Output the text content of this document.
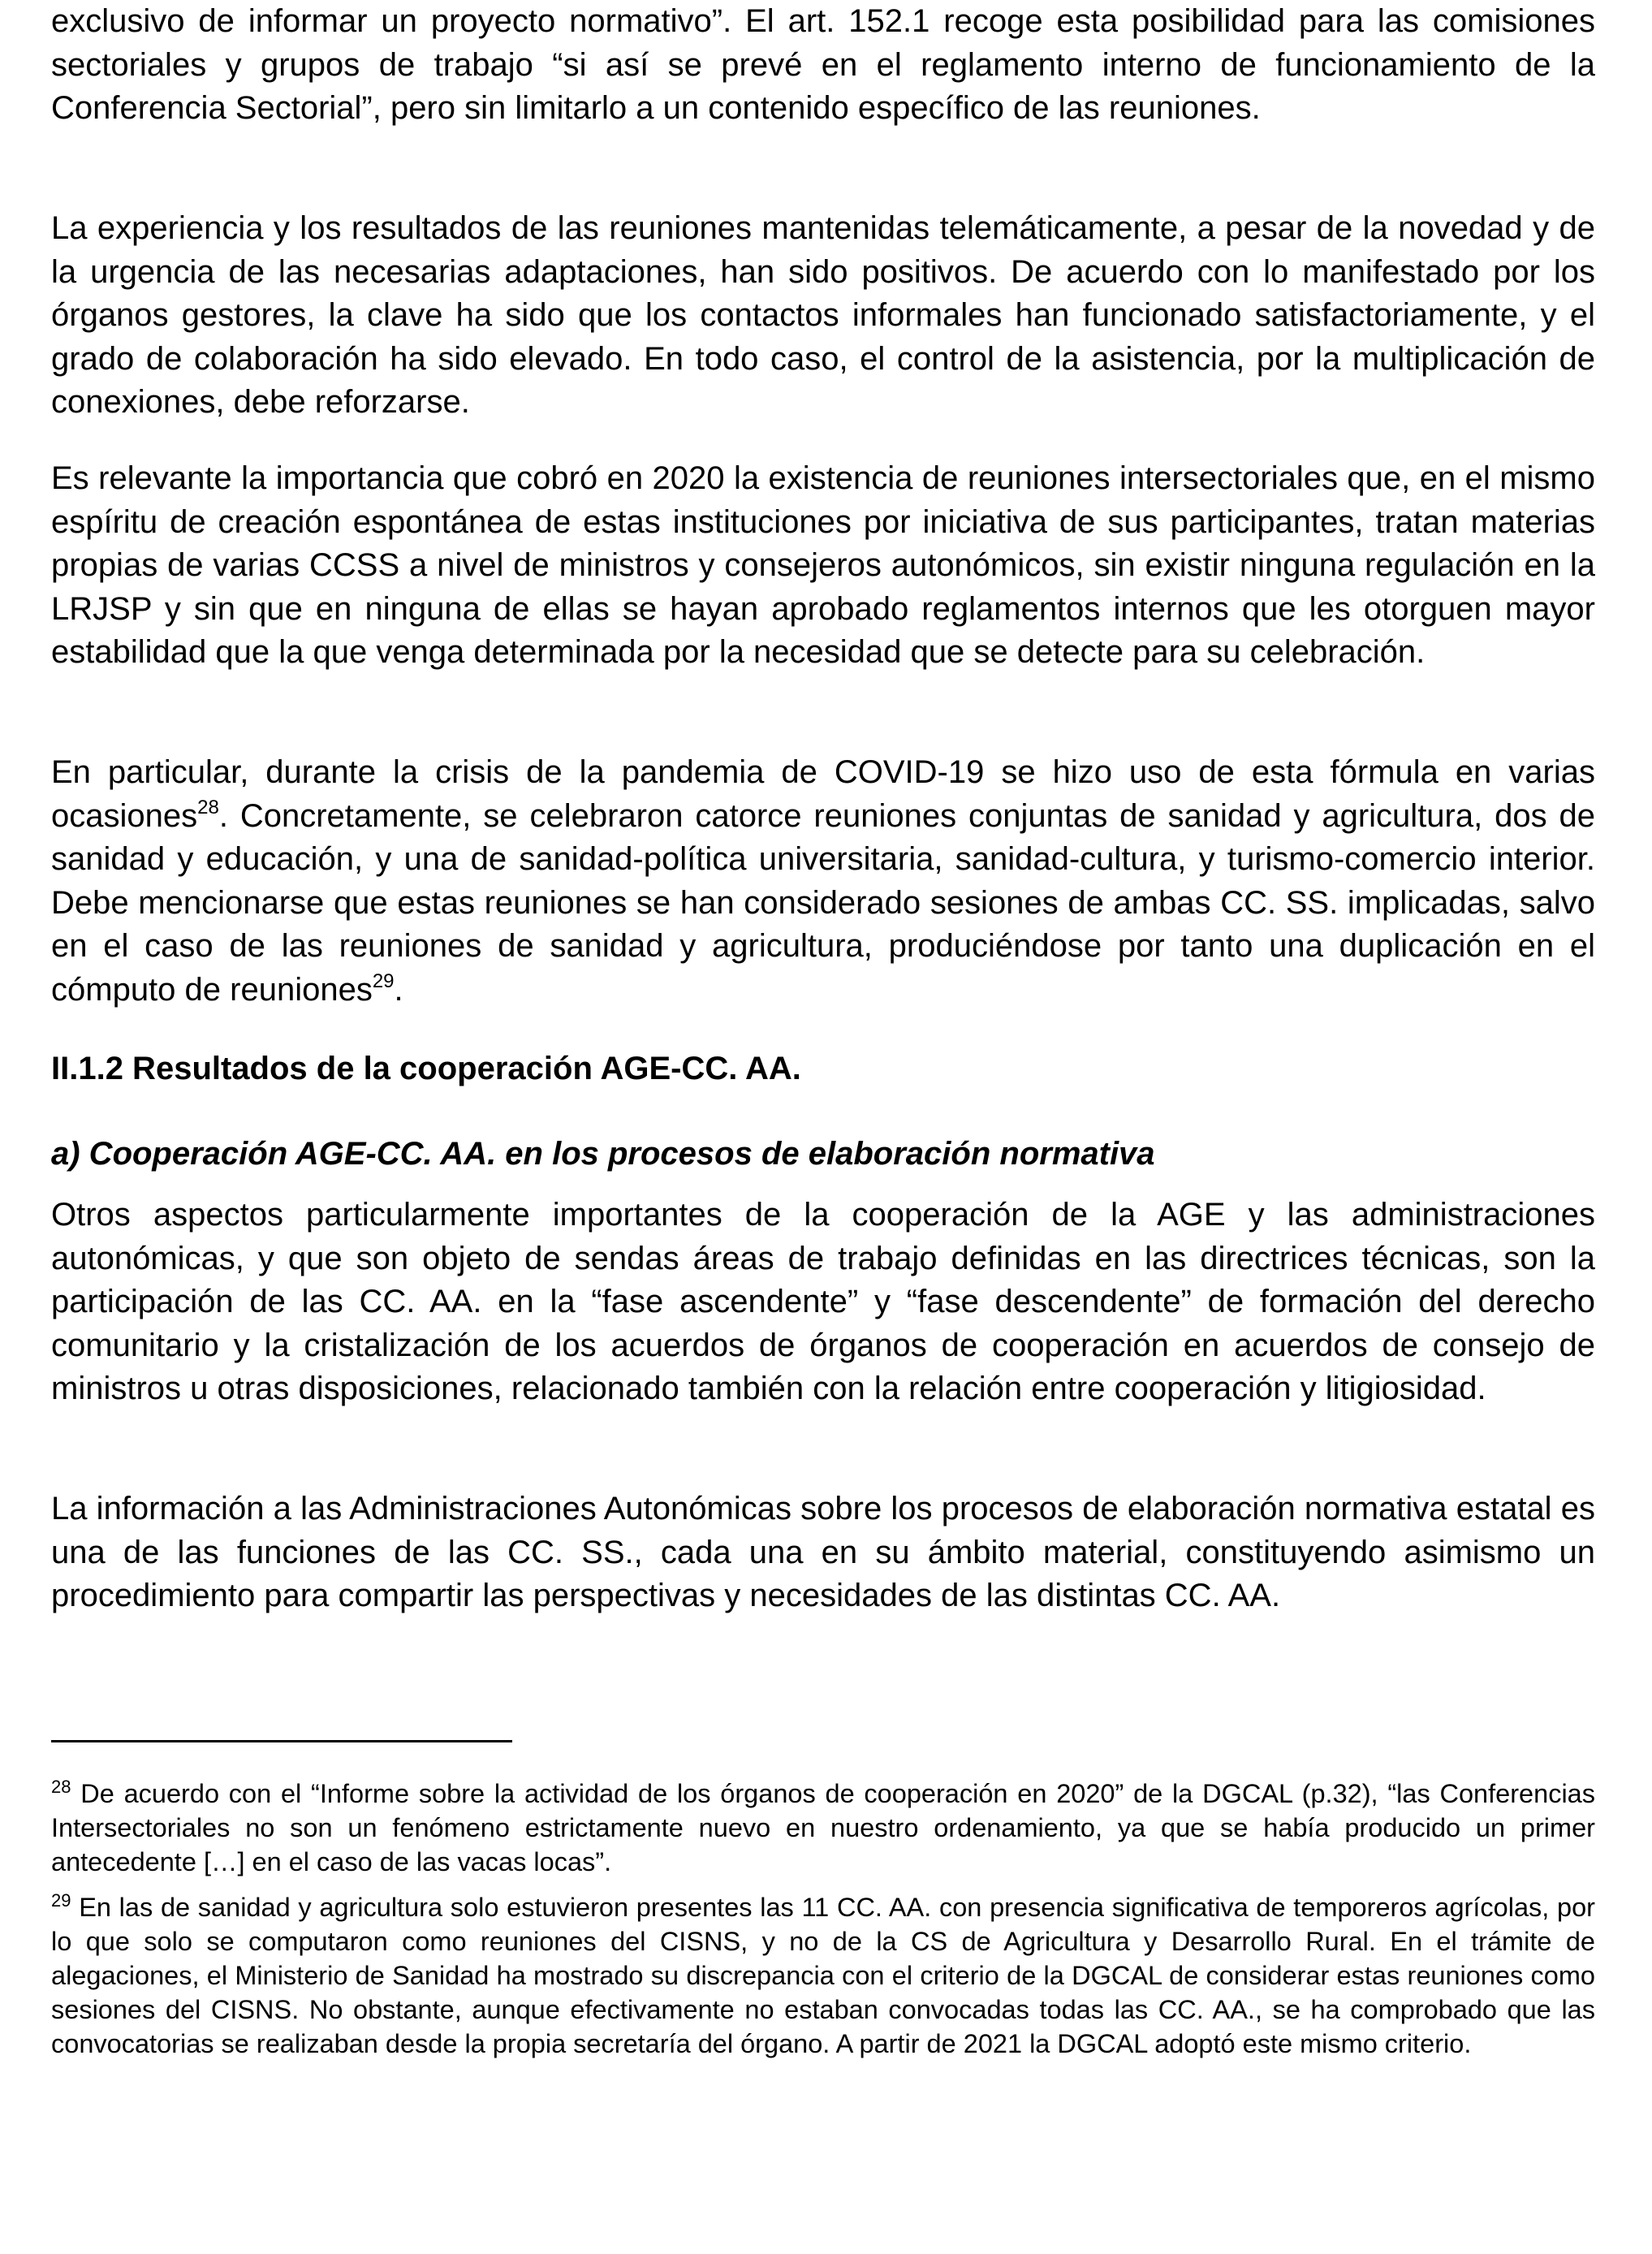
exclusivo de informar un proyecto normativo”. El art. 152.1 recoge esta posibilidad para las comisiones sectoriales y grupos de trabajo “si así se prevé en el reglamento interno de funcionamiento de la Conferencia Sectorial”, pero sin limitarlo a un contenido específico de las reuniones.

La experiencia y los resultados de las reuniones mantenidas telemáticamente, a pesar de la novedad y de la urgencia de las necesarias adaptaciones, han sido positivos. De acuerdo con lo manifestado por los órganos gestores, la clave ha sido que los contactos informales han funcionado satisfactoriamente, y el grado de colaboración ha sido elevado. En todo caso, el control de la asistencia, por la multiplicación de conexiones, debe reforzarse.

Es relevante la importancia que cobró en 2020 la existencia de reuniones intersectoriales que, en el mismo espíritu de creación espontánea de estas instituciones por iniciativa de sus participantes, tratan materias propias de varias CCSS a nivel de ministros y consejeros autonómicos, sin existir ninguna regulación en la LRJSP y sin que en ninguna de ellas se hayan aprobado reglamentos internos que les otorguen mayor estabilidad que la que venga determinada por la necesidad que se detecte para su celebración.

En particular, durante la crisis de la pandemia de COVID-19 se hizo uso de esta fórmula en varias ocasiones$^{28}$. Concretamente, se celebraron catorce reuniones conjuntas de sanidad y agricultura, dos de sanidad y educación, y una de sanidad-política universitaria, sanidad-cultura, y turismo-comercio interior. Debe mencionarse que estas reuniones se han considerado sesiones de ambas CC. SS. implicadas, salvo en el caso de las reuniones de sanidad y agricultura, produciéndose por tanto una duplicación en el cómputo de reuniones$^{29}$.

II.1.2 Resultados de la cooperación AGE-CC. AA.
a) Cooperación AGE-CC. AA. en los procesos de elaboración normativa

Otros aspectos particularmente importantes de la cooperación de la AGE y las administraciones autonómicas, y que son objeto de sendas áreas de trabajo definidas en las directrices técnicas, son la participación de las CC. AA. en la “fase ascendente” y “fase descendente” de formación del derecho comunitario y la cristalización de los acuerdos de órganos de cooperación en acuerdos de consejo de ministros u otras disposiciones, relacionado también con la relación entre cooperación y litigiosidad.

La información a las Administraciones Autonómicas sobre los procesos de elaboración normativa estatal es una de las funciones de las CC. SS., cada una en su ámbito material, constituyendo asimismo un procedimiento para compartir las perspectivas y necesidades de las distintas CC. AA.

$^{28}$ De acuerdo con el “Informe sobre la actividad de los órganos de cooperación en 2020” de la DGCAL (p.32), “las Conferencias Intersectoriales no son un fenómeno estrictamente nuevo en nuestro ordenamiento, ya que se había producido un primer antecedente […] en el caso de las vacas locas”.

$^{29}$ En las de sanidad y agricultura solo estuvieron presentes las 11 CC. AA. con presencia significativa de temporeros agrícolas, por lo que solo se computaron como reuniones del CISNS, y no de la CS de Agricultura y Desarrollo Rural. En el trámite de alegaciones, el Ministerio de Sanidad ha mostrado su discrepancia con el criterio de la DGCAL de considerar estas reuniones como sesiones del CISNS. No obstante, aunque efectivamente no estaban convocadas todas las CC. AA., se ha comprobado que las convocatorias se realizaban desde la propia secretaría del órgano. A partir de 2021 la DGCAL adoptó este mismo criterio.
